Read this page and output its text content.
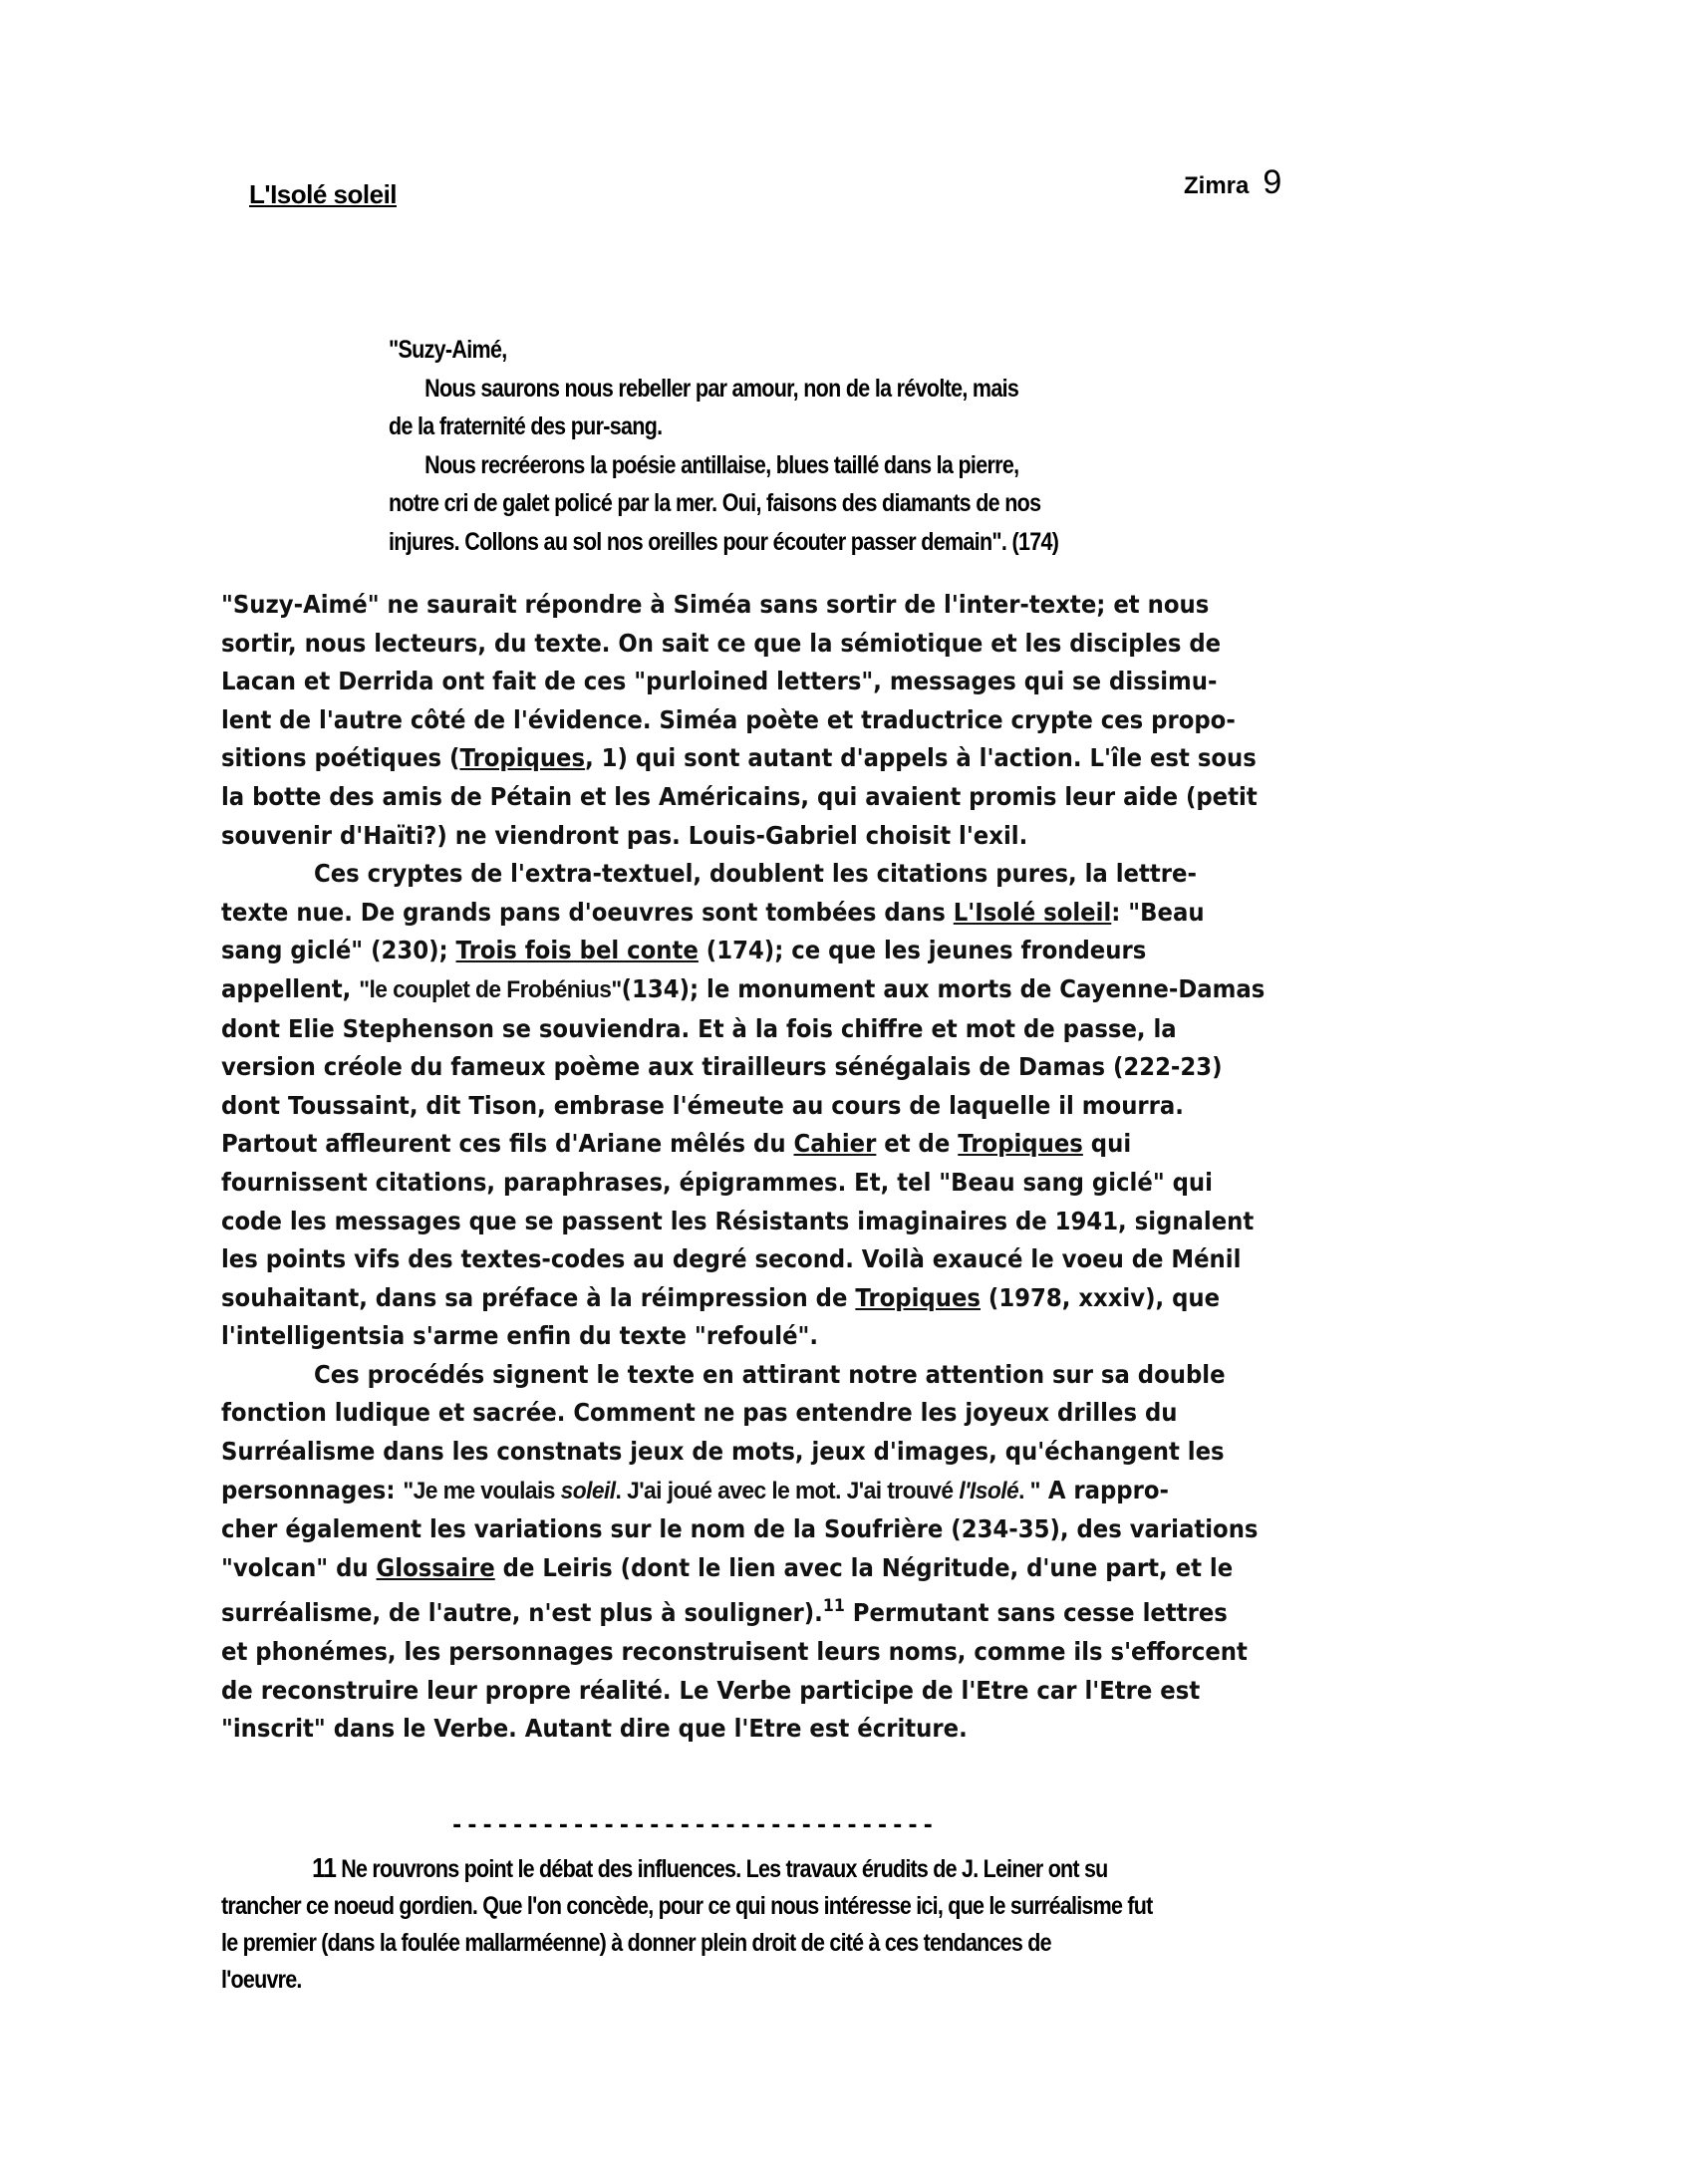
L'Isolé soleil	Zimra 9

"Suzy-Aimé,

Nous saurons nous rebeller par amour, non de la révolte, mais

de la fraternité des pur-sang.

Nous recréerons la poésie antillaise, blues taillé dans la pierre,

notre cri de galet policé par la mer. Oui, faisons des diamants de nos

injures. Collons au sol nos oreilles pour écouter passer demain". (174)

"Suzy-Aimé" ne saurait répondre à Siméa sans sortir de l'inter-texte; et nous

sortir, nous lecteurs, du texte. On sait ce que la sémiotique et les disciples de

Lacan et Derrida ont fait de ces "purloined letters", messages qui se dissimu-

lent de l'autre côté de l'évidence. Siméa poète et traductrice crypte ces propo-

sitions poétiques (Tropiques, 1) qui sont autant d'appels à l'action. L'île est sous

la botte des amis de Pétain et les Américains, qui avaient promis leur aide (petit

souvenir d'Haïti?) ne viendront pas. Louis-Gabriel choisit l'exil.

Ces cryptes de l'extra-textuel, doublent les citations pures, la lettre-

texte nue. De grands pans d'oeuvres sont tombées dans L'Isolé soleil: "Beau

sang giclé" (230); Trois fois bel conte (174); ce que les jeunes frondeurs

appellent, "le couplet de Frobénius"(134); le monument aux morts de Cayenne-Damas

dont Elie Stephenson se souviendra. Et à la fois chiffre et mot de passe, la

version créole du fameux poème aux tirailleurs sénégalais de Damas (222-23)

dont Toussaint, dit Tison, embrase l'émeute au cours de laquelle il mourra.

Partout affleurent ces fils d'Ariane mêlés du Cahier et de Tropiques qui

fournissent citations, paraphrases, épigrammes. Et, tel "Beau sang giclé" qui

code les messages que se passent les Résistants imaginaires de 1941, signalent

les points vifs des textes-codes au degré second. Voilà exaucé le voeu de Ménil

souhaitant, dans sa préface à la réimpression de Tropiques (1978, xxxiv), que

l'intelligentsia s'arme enfin du texte "refoulé".

Ces procédés signent le texte en attirant notre attention sur sa double

fonction ludique et sacrée. Comment ne pas entendre les joyeux drilles du

Surréalisme dans les constnats jeux de mots, jeux d'images, qu'échangent les

personnages: "Je me voulais soleil. J'ai joué avec le mot. J'ai trouvé l'Isolé. " A rappro-

cher également les variations sur le nom de la Soufrière (234-35), des variations

"volcan" du Glossaire de Leiris (dont le lien avec la Négritude, d'une part, et le

surréalisme, de l'autre, n'est plus à souligner).$^{11}$ Permutant sans cesse lettres

et phonémes, les personnages reconstruisent leurs noms, comme ils s'efforcent

de reconstruire leur propre réalité. Le Verbe participe de l'Etre car l'Etre est

"inscrit" dans le Verbe. Autant dire que l'Etre est écriture.

--------------------------------

11 Ne rouvrons point le débat des influences. Les travaux érudits de J. Leiner ont su

trancher ce noeud gordien. Que l'on concède, pour ce qui nous intéresse ici, que le surréalisme fut

le premier (dans la foulée mallarméenne) à donner plein droit de cité à ces tendances de

l'oeuvre.
